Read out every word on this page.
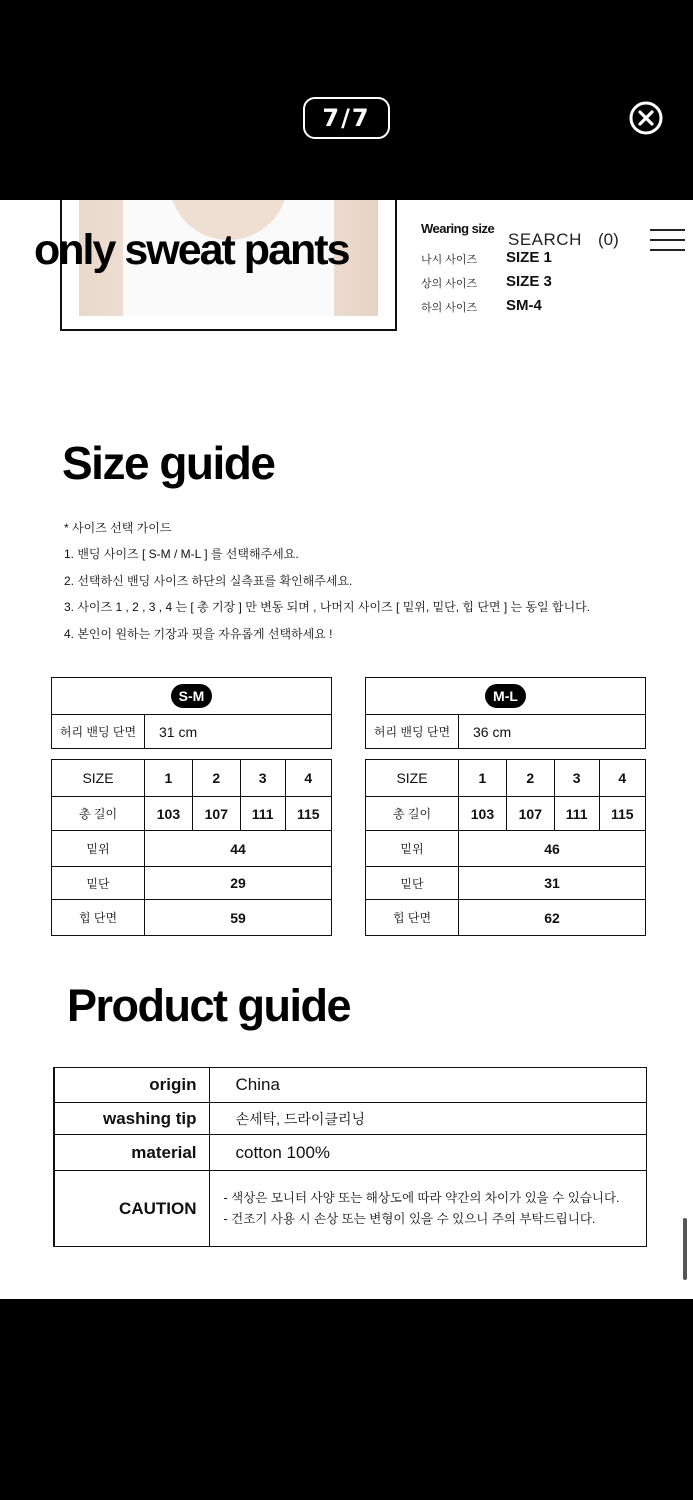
7/7
only sweat pants	Wearing size
나시 사이즈 SIZE 1
상의 사이즈 SIZE 3
하의 사이즈 SM-4
SEARCH (0)
Size guide
* 사이즈 선택 가이드
1. 밴딩 사이즈 [ S-M / M-L ] 를 선택해주세요.
2. 선택하신 밴딩 사이즈 하단의 실측표를 확인해주세요.
3. 사이즈 1 , 2 , 3 , 4 는 [ 총 기장 ] 만 변동 되며 , 나머지 사이즈 [ 밑위, 밑단, 힙 단면 ] 는 동일 합니다.
4. 본인이 원하는 기장과 핏을 자유롭게 선택하세요 !
S-M
허리 밴딩 단면	31 cm
M-L
허리 밴딩 단면	36 cm
SIZE	1	2	3	4
총 길이	103	107	111	115
밑위	44			
밑단	29			
힙 단면	59			
SIZE	1	2	3	4
총 길이	103	107	111	115
밑위	46			
밑단	31			
힙 단면	62			
Product guide
origin	China
washing tip	손세탁, 드라이클리닝
material	cotton 100%
CAUTION	- 색상은 모니터 사양 또는 해상도에 따라 약간의 차이가 있을 수 있습니다.
- 건조기 사용 시 손상 또는 변형이 있을 수 있으니 주의 부탁드립니다.
